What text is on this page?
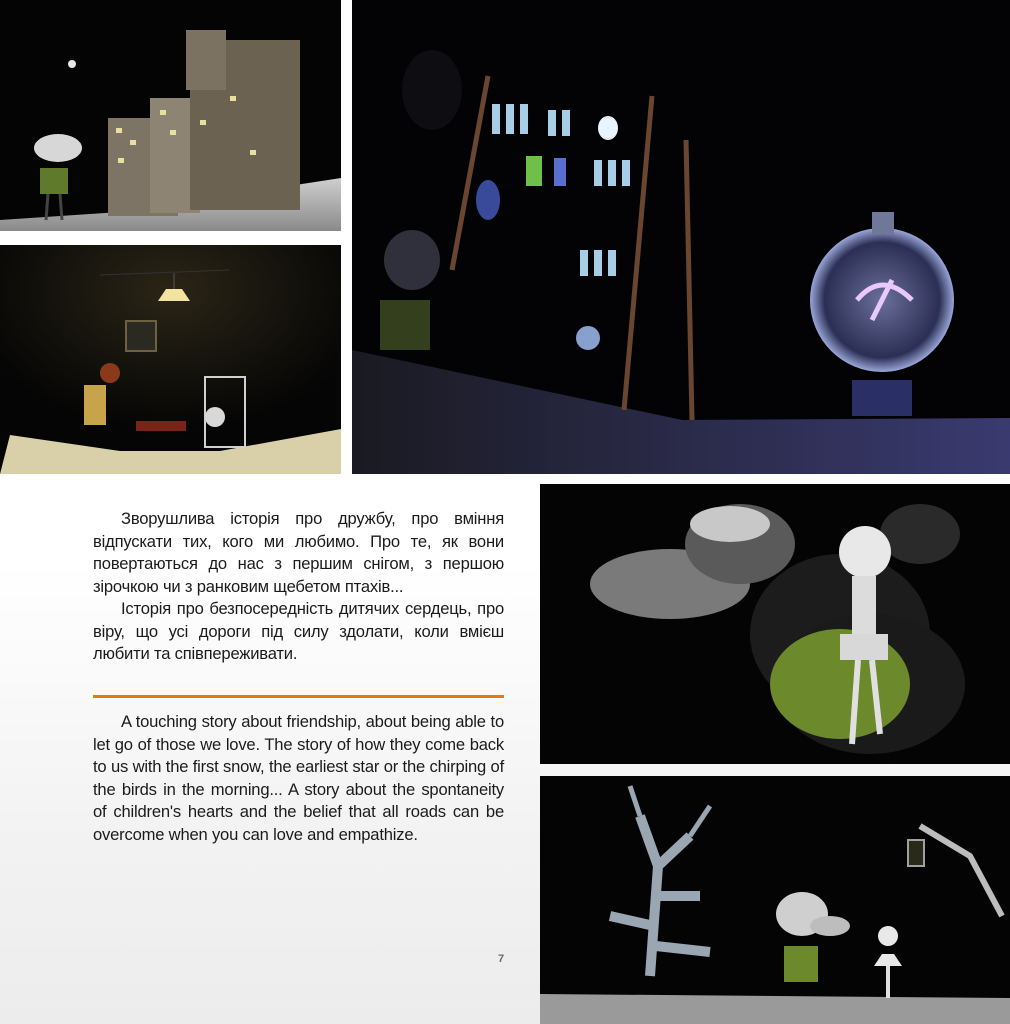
Зворушлива історія про дружбу, про вміння відпускати тих, кого ми любимо. Про те, як вони повертаються до нас з першим снігом, з першою зірочкою чи з ранковим щебетом птахів...

Історія про безпосередність дитячих сердець, про віру, що усі дороги під силу здолати, коли вмієш любити та співпереживати.

A touching story about friendship, about being able to let go of those we love. The story of how they come back to us with the first snow, the earliest star or the chirping of the birds in the morning... A story about the spontaneity of children's hearts and the belief that all roads can be overcome when you can love and empathize.

7
